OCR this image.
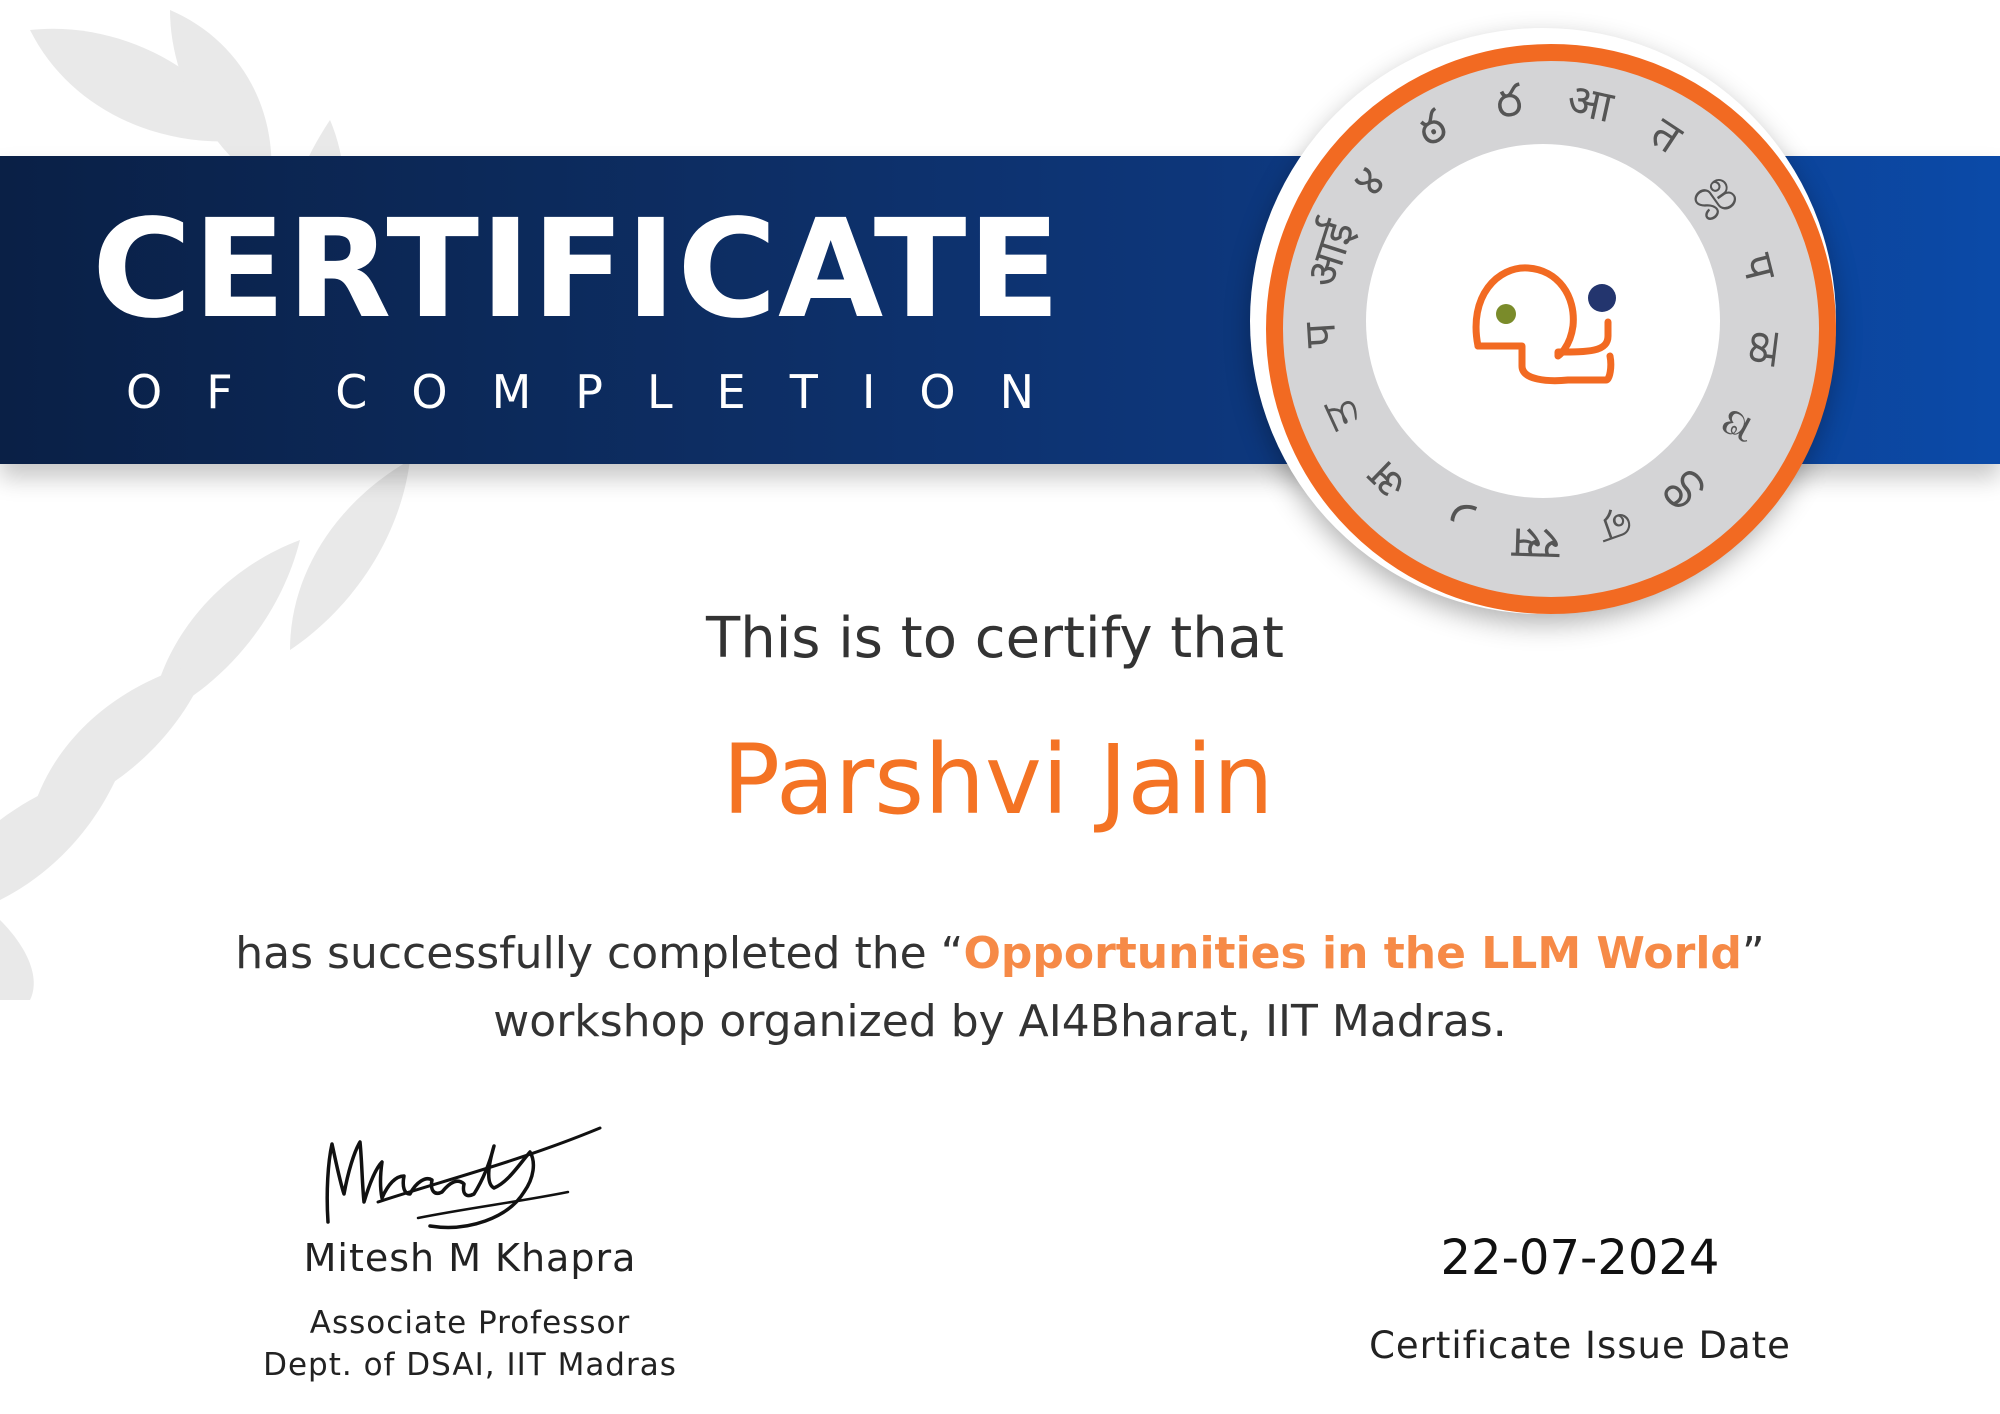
CERTIFICATE
OF COMPLETION
ఠ ర आ
त
ஜ
प
ळ
ಡ
ശ
ஏ
रस
ر
अ
ਤ
प
आई
४

This is to certify that

Parshvi Jain

has successfully completed the “Opportunities in the LLM World”
workshop organized by AI4Bharat, IIT Madras.

Mitesh M Khapra

Associate Professor

Dept. of DSAI, IIT Madras

22-07-2024

Certificate Issue Date
